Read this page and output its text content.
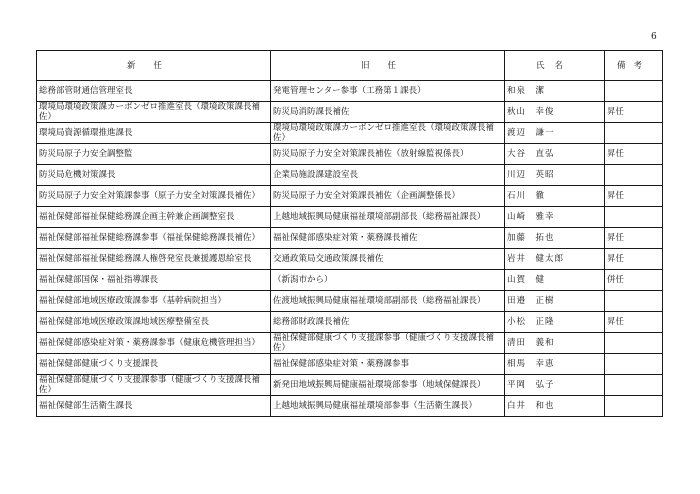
6
新任	旧任	氏名	備考
総務部管財通信管理室長	発電管理センター参事（工務第１課長）	和泉　潔	
環境局環境政策課カーボンゼロ推進室長（環境政策課長補佐）	防災局消防課長補佐	秋山　幸俊	昇任
環境局資源循環推進課長	環境局環境政策課カーボンゼロ推進室長（環境政策課長補佐）	渡辺　謙一	
防災局原子力安全調整監	防災局原子力安全対策課長補佐（放射線監視係長）	大谷　直弘	昇任
防災局危機対策課長	企業局施設課建設室長	川辺　英昭	
防災局原子力安全対策課参事（原子力安全対策課長補佐）	防災局原子力安全対策課長補佐（企画調整係長）	石川　徹	昇任
福祉保健部福祉保健総務課企画主幹兼企画調整室長	上越地域振興局健康福祉環境部副部長（総務福祉課長）	山崎　雅幸	
福祉保健部福祉保健総務課参事（福祉保健総務課長補佐）	福祉保健部感染症対策・薬務課長補佐	加藤　拓也	昇任
福祉保健部福祉保健総務課人権啓発室長兼援護恩給室長	交通政策局交通政策課長補佐	岩井　健太郎	昇任
福祉保健部国保・福祉指導課長	（新潟市から）	山賀　健	併任
福祉保健部地域医療政策課参事（基幹病院担当）	佐渡地域振興局健康福祉環境部副部長（総務福祉課長）	田邉　正樹	
福祉保健部地域医療政策課地域医療整備室長	総務部財政課長補佐	小松　正隆	昇任
福祉保健部感染症対策・薬務課参事（健康危機管理担当）	福祉保健部健康づくり支援課参事（健康づくり支援課長補佐）	清田　義和	
福祉保健部健康づくり支援課長	福祉保健部感染症対策・薬務課参事	相馬　幸恵	
福祉保健部健康づくり支援課参事（健康づくり支援課長補佐）	新発田地域振興局健康福祉環境部参事（地域保健課長）	平岡　弘子	
福祉保健部生活衛生課長	上越地域振興局健康福祉環境部参事（生活衛生課長）	白井　和也	
